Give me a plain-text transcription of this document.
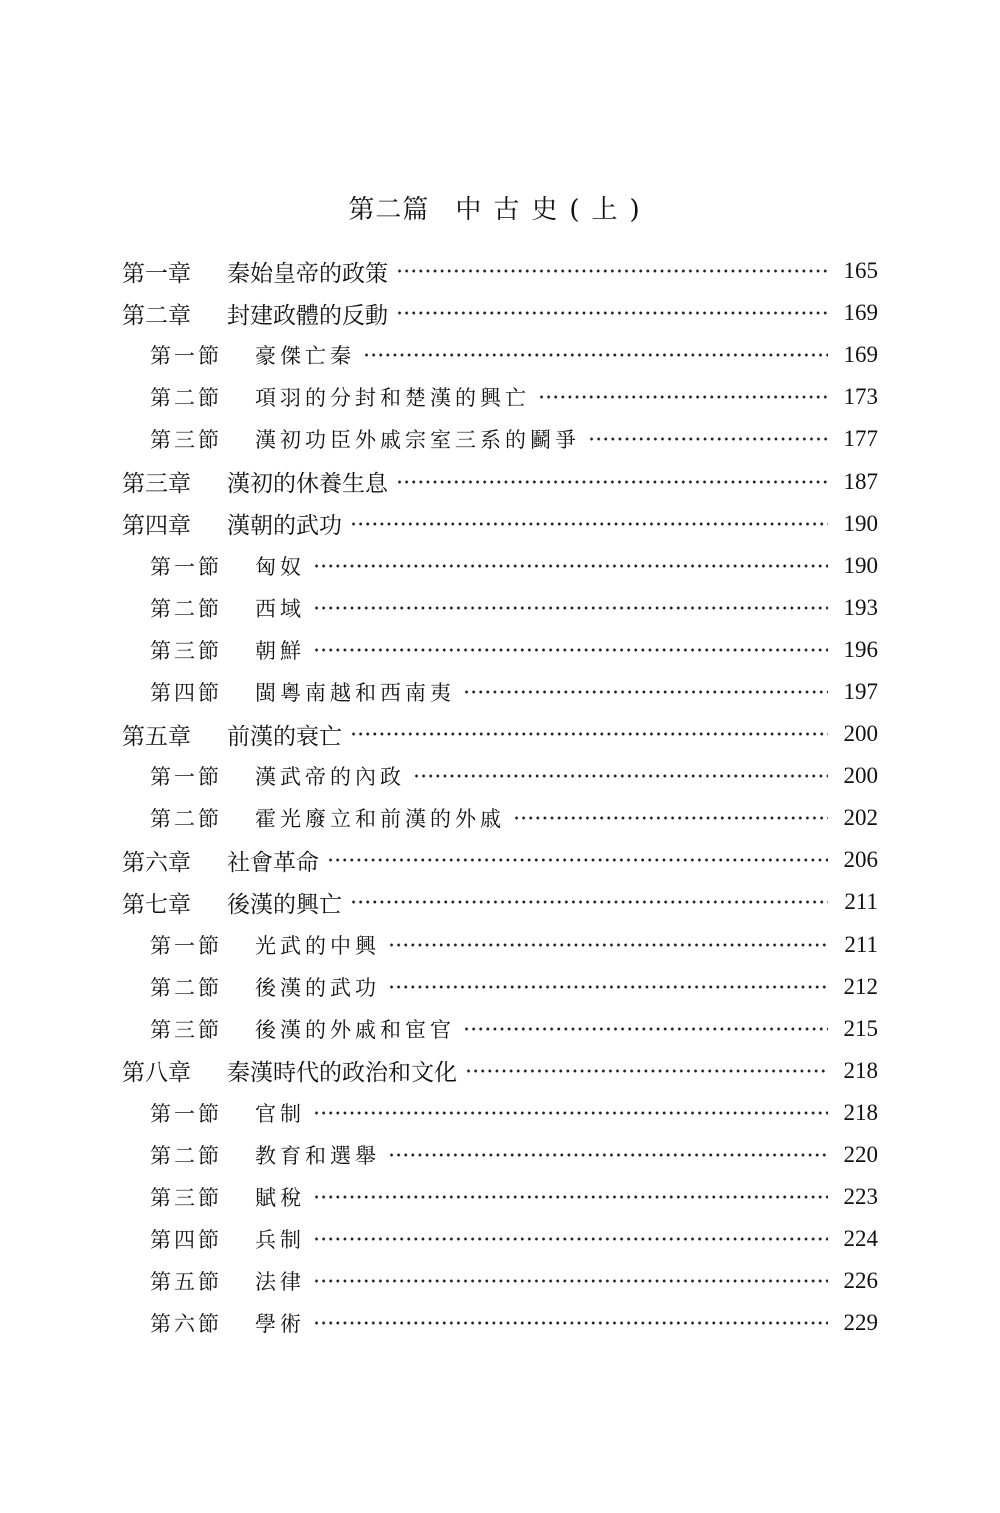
第二篇 中古史(上)
第一章	秦始皇帝的政策	165
第二章	封建政體的反動	169
第一節	豪傑亡秦	169
第二節	項羽的分封和楚漢的興亡	173
第三節	漢初功臣外戚宗室三系的鬬爭	177
第三章	漢初的休養生息	187
第四章	漢朝的武功	190
第一節	匈奴	190
第二節	西域	193
第三節	朝鮮	196
第四節	閩粵南越和西南夷	197
第五章	前漢的衰亡	200
第一節	漢武帝的內政	200
第二節	霍光廢立和前漢的外戚	202
第六章	社會革命	206
第七章	後漢的興亡	211
第一節	光武的中興	211
第二節	後漢的武功	212
第三節	後漢的外戚和宦官	215
第八章	秦漢時代的政治和文化	218
第一節	官制	218
第二節	教育和選舉	220
第三節	賦稅	223
第四節	兵制	224
第五節	法律	226
第六節	學術	229
